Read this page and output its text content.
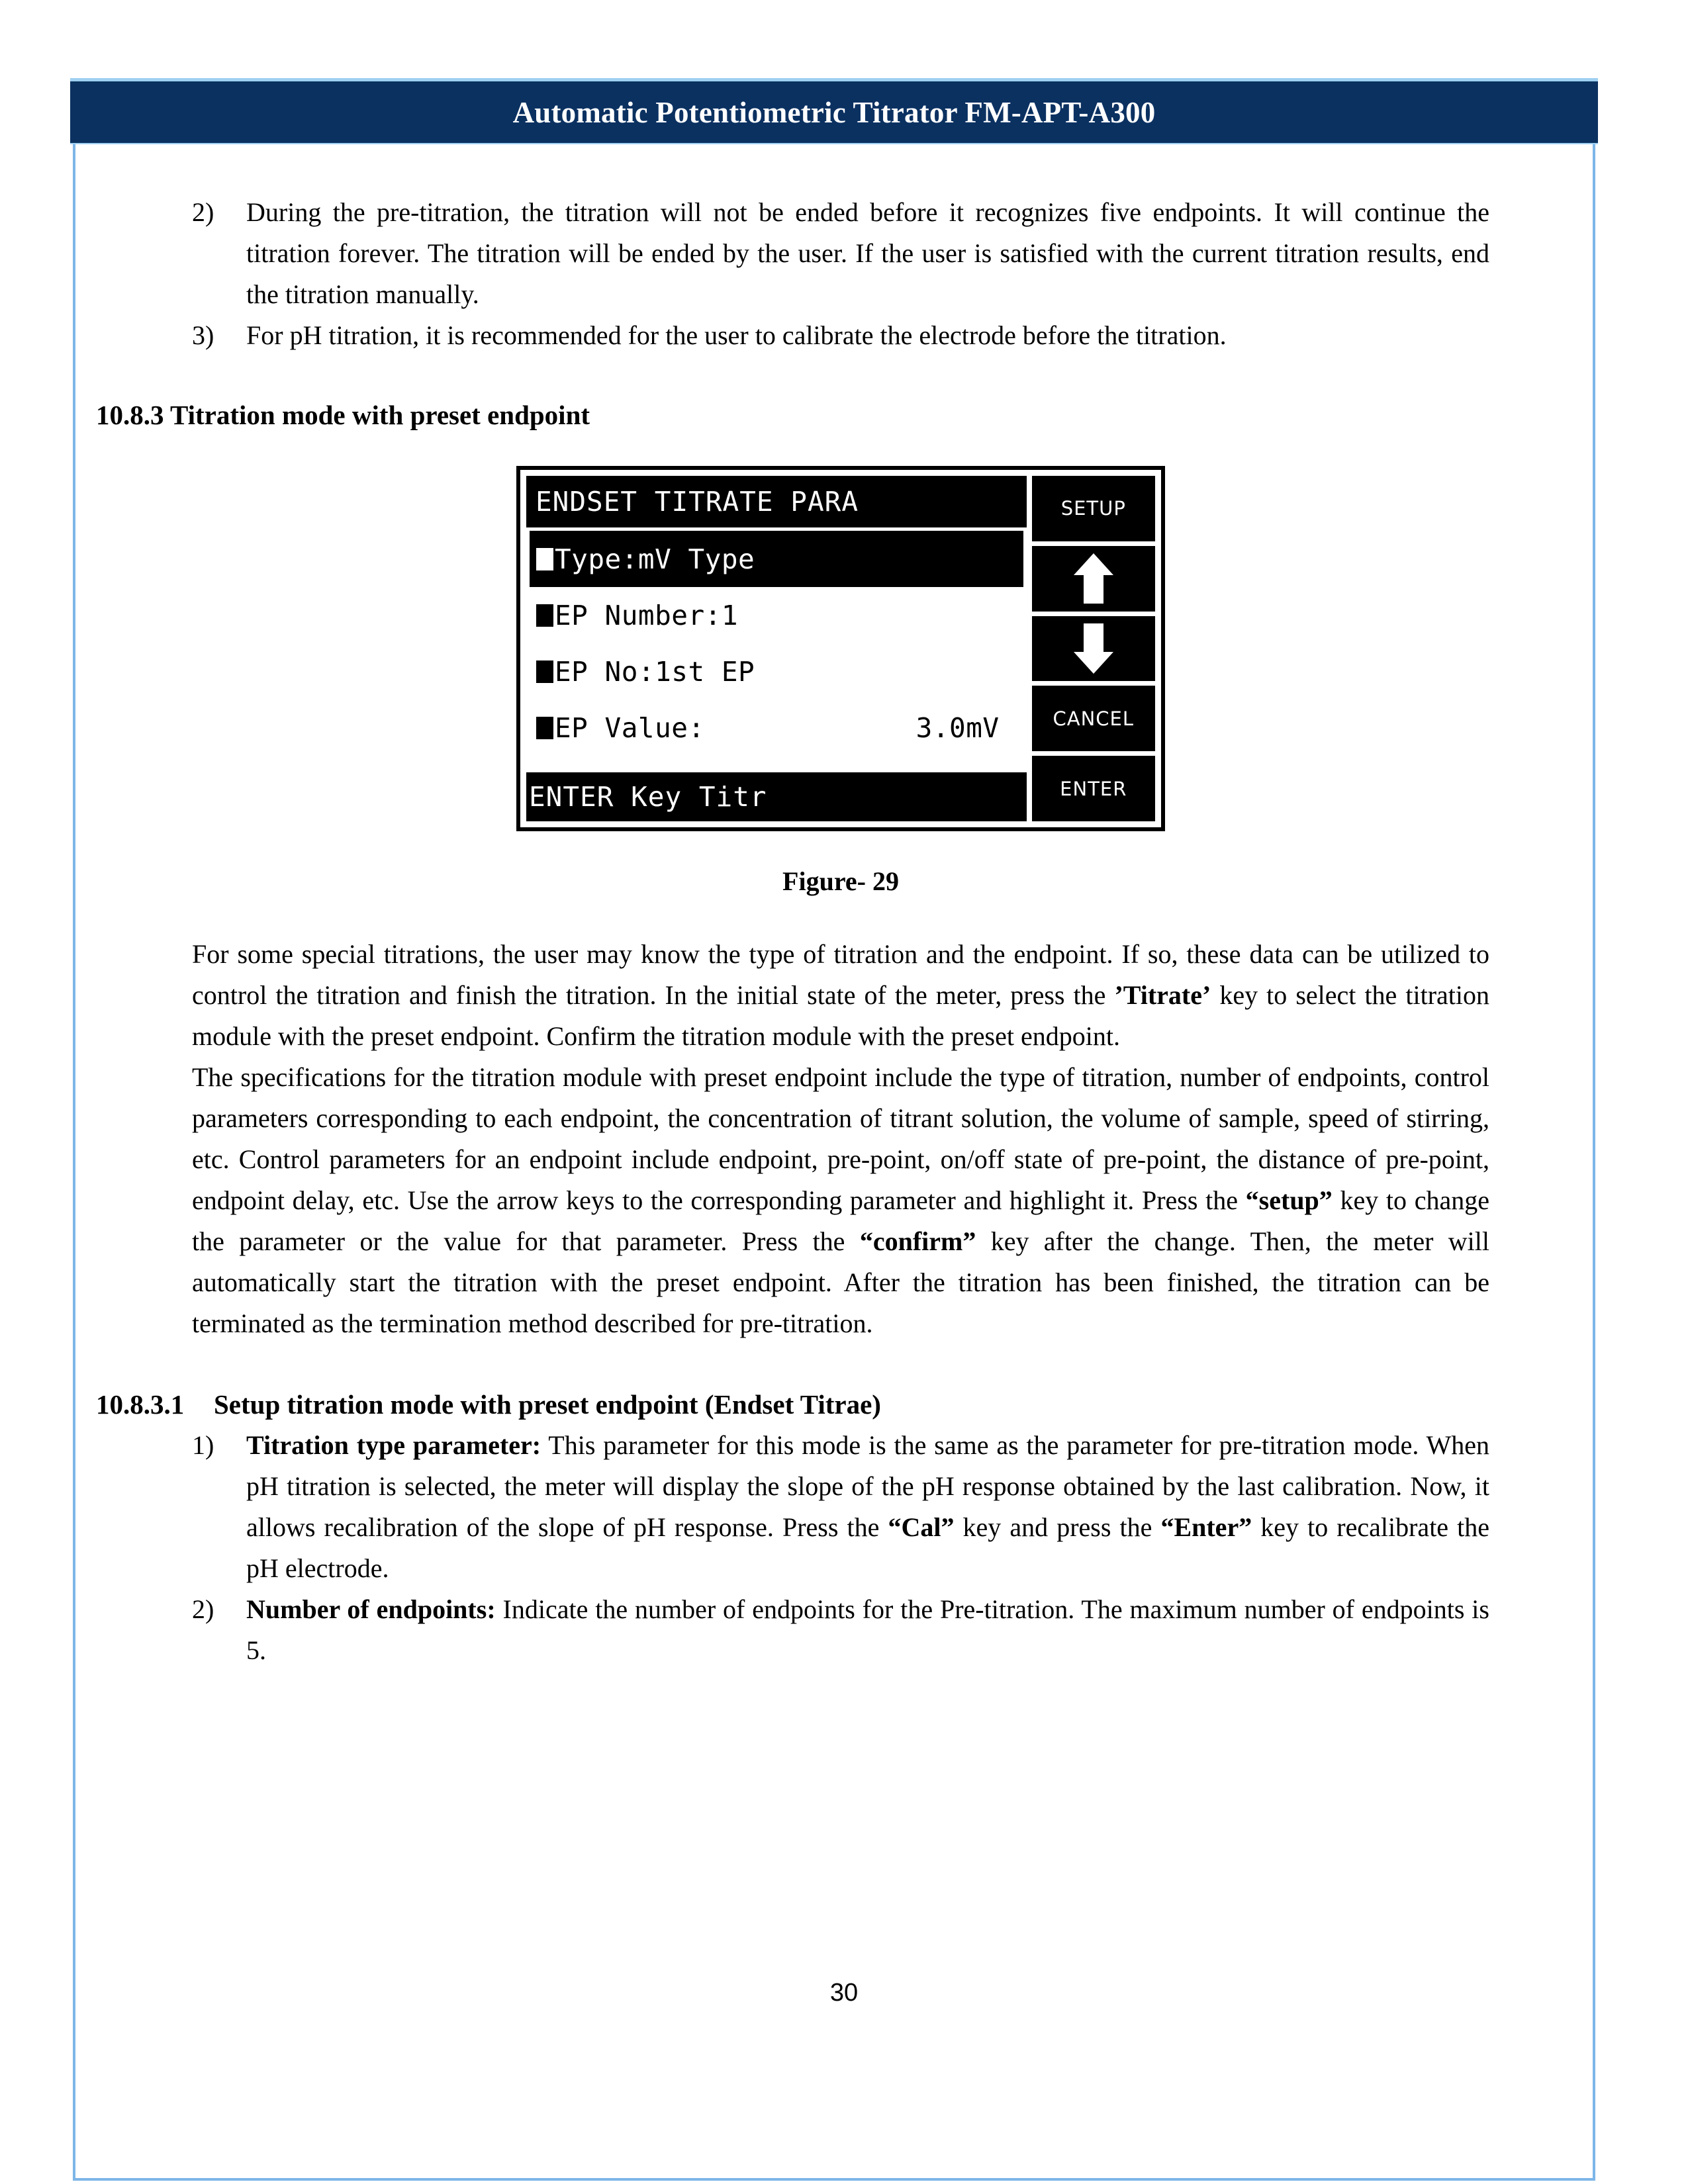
Automatic Potentiometric Titrator FM-APT-A300
2)	During the pre-titration, the titration will not be ended before it recognizes five endpoints. It will continue the titration forever. The titration will be ended by the user. If the user is satisfied with the current titration results, end the titration manually.
3)	For pH titration, it is recommended for the user to calibrate the electrode before the titration.
10.8.3 Titration mode with preset endpoint
ENDSET TITRATE PARA
Type:mV Type
EP Number:1
EP No:1st EP
EP Value:	3.0mV
ENTER Key Titr
SETUP
CANCEL
ENTER
Figure- 29

For some special titrations, the user may know the type of titration and the endpoint. If so, these data can be utilized to control the titration and finish the titration. In the initial state of the meter, press the ’Titrate’ key to select the titration module with the preset endpoint. Confirm the titration module with the preset endpoint.

The specifications for the titration module with preset endpoint include the type of titration, number of endpoints, control parameters corresponding to each endpoint, the concentration of titrant solution, the volume of sample, speed of stirring, etc. Control parameters for an endpoint include endpoint, pre-point, on/off state of pre-point, the distance of pre-point, endpoint delay, etc. Use the arrow keys to the corresponding parameter and highlight it. Press the “setup” key to change the parameter or the value for that parameter. Press the “confirm” key after the change. Then, the meter will automatically start the titration with the preset endpoint. After the titration has been finished, the titration can be terminated as the termination method described for pre-titration.

10.8.3.1	Setup titration mode with preset endpoint (Endset Titrae)
1)	Titration type parameter: This parameter for this mode is the same as the parameter for pre-titration mode. When pH titration is selected, the meter will display the slope of the pH response obtained by the last calibration. Now, it allows recalibration of the slope of pH response. Press the “Cal” key and press the “Enter” key to recalibrate the pH electrode.
2)	Number of endpoints: Indicate the number of endpoints for the Pre-titration. The maximum number of endpoints is 5.
30
